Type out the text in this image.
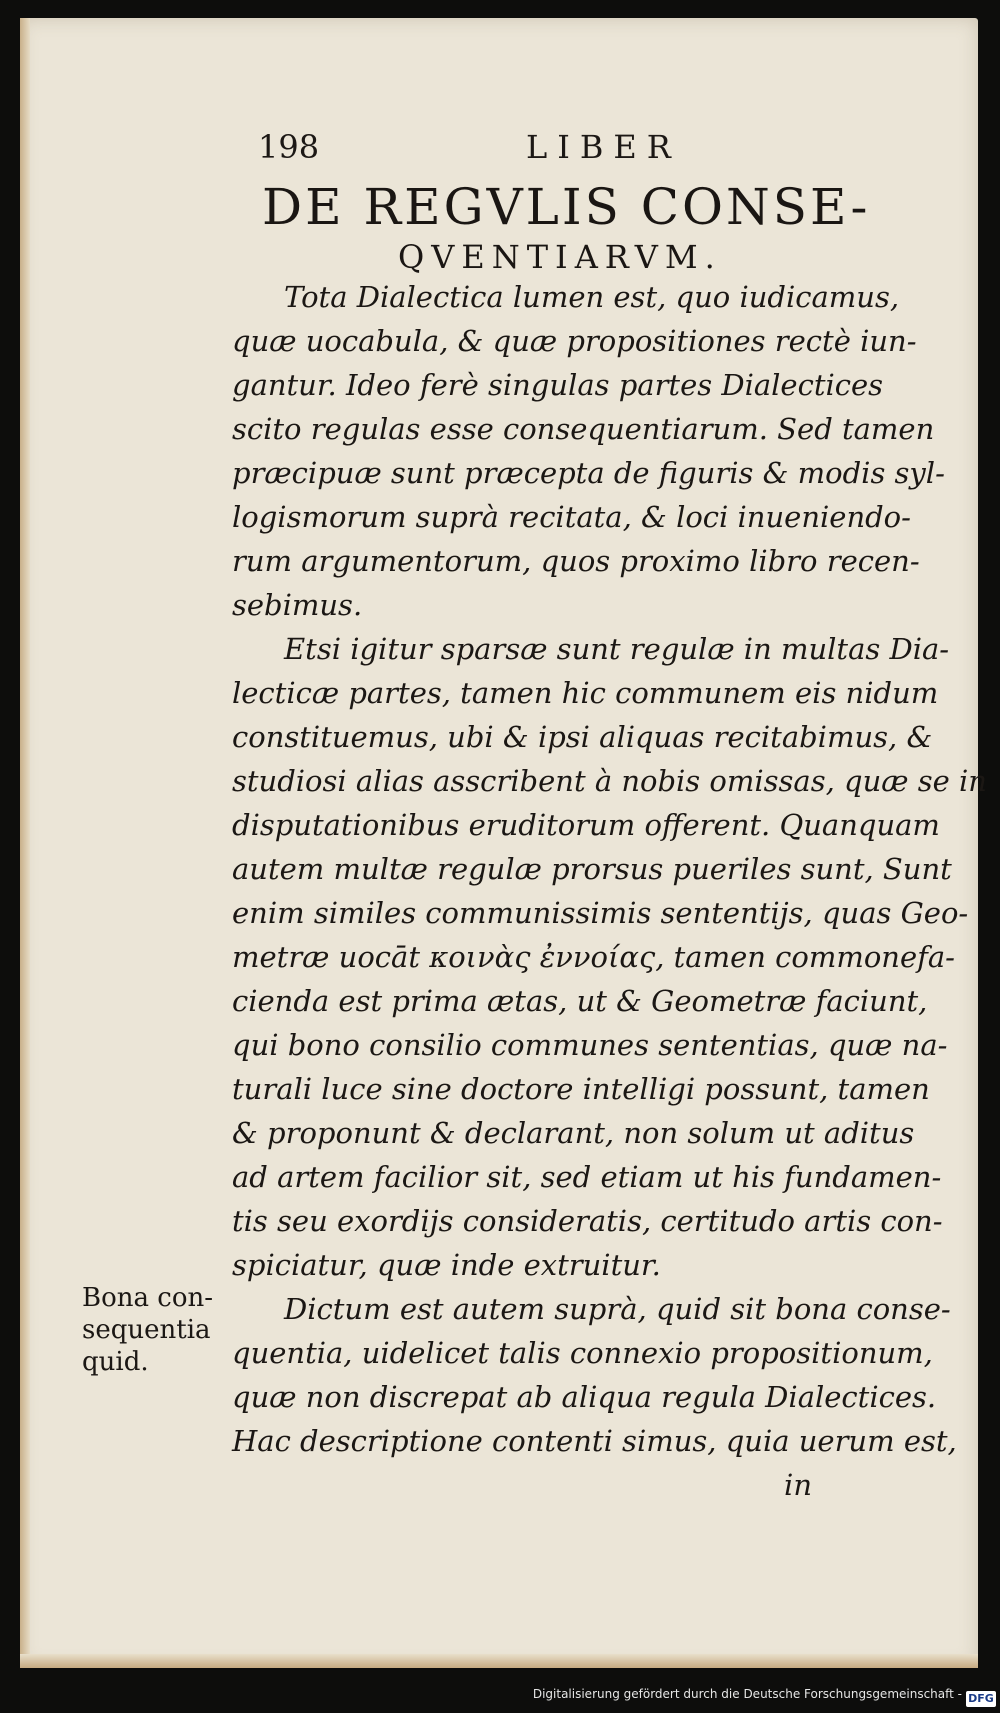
198	LIBER
DE REGVLIS CONSE-
QVENTIARVM.

Tota Dialectica lumen est, quo iudicamus,
quæ uocabula, & quæ propositiones rectè iun-
gantur. Ideo ferè singulas partes Dialectices
scito regulas esse consequentiarum. Sed tamen
præcipuæ sunt præcepta de figuris & modis syl-
logismorum suprà recitata, & loci inueniendo-
rum argumentorum, quos proximo libro recen-
sebimus.

Etsi igitur sparsæ sunt regulæ in multas Dia-
lecticæ partes, tamen hic communem eis nidum
constituemus, ubi & ipsi aliquas recitabimus, &
studiosi alias asscribent à nobis omissas, quæ se in
disputationibus eruditorum offerent. Quanquam
autem multæ regulæ prorsus pueriles sunt, Sunt
enim similes communissimis sententijs, quas Geo-
metræ uocāt κοινὰς ἐννοίας, tamen commonefa-
cienda est prima ætas, ut & Geometræ faciunt,
qui bono consilio communes sententias, quæ na-
turali luce sine doctore intelligi possunt, tamen
& proponunt & declarant, non solum ut aditus
ad artem facilior sit, sed etiam ut his fundamen-
tis seu exordijs consideratis, certitudo artis con-
spiciatur, quæ inde extruitur.

Dictum est autem suprà, quid sit bona conse-
quentia, uidelicet talis connexio propositionum,
quæ non discrepat ab aliqua regula Dialectices.
Hac descriptione contenti simus, quia uerum est,
in

Bona con-
sequentia
quid.
Digitalisierung gefördert durch die Deutsche Forschungsgemeinschaft - DFG
